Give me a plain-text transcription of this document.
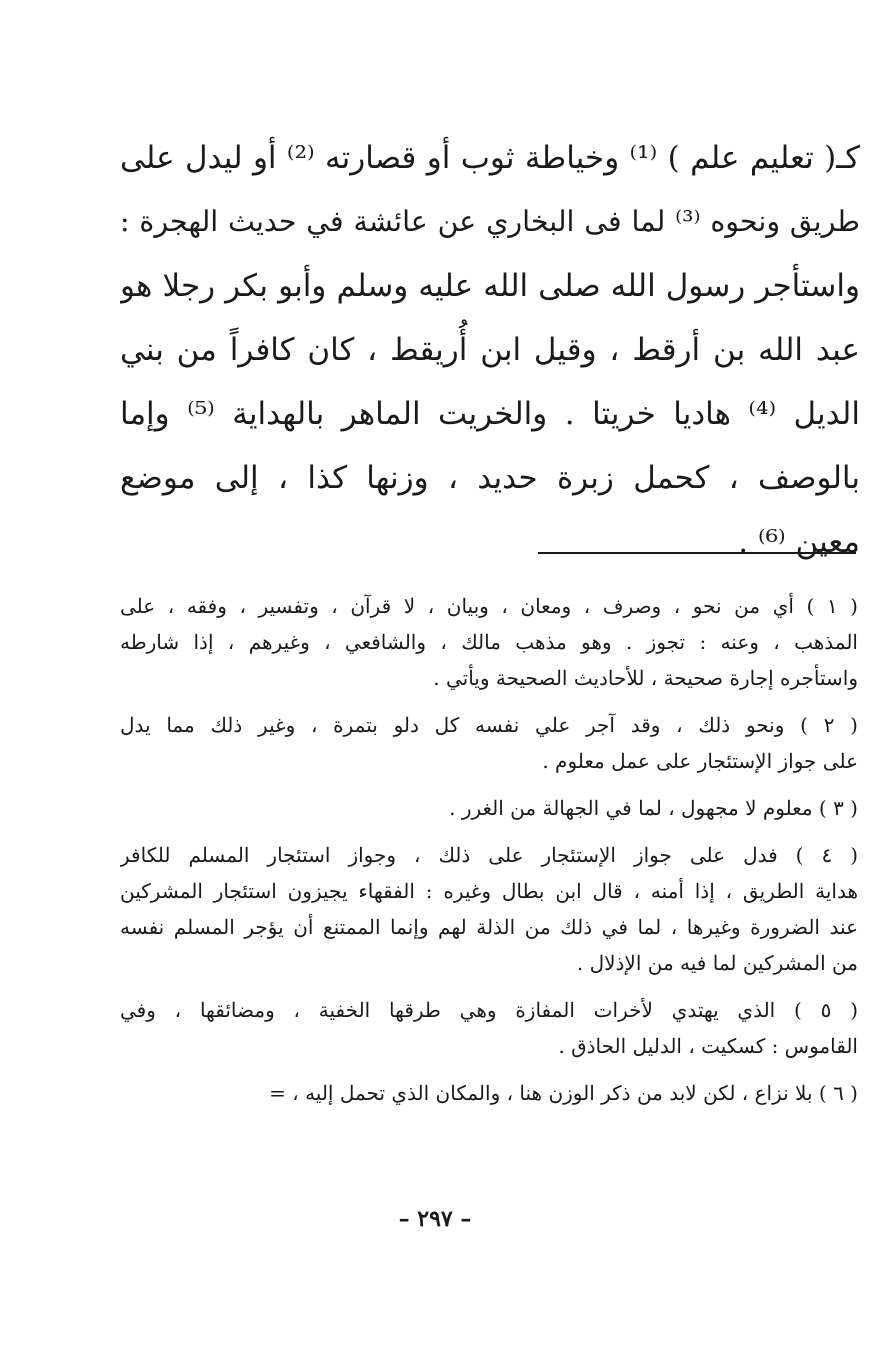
كـ( تعليم علم ) ⁽¹⁾ وخياطة ثوب أو قصارته ⁽²⁾ أو ليدل على
طريق ونحوه ⁽³⁾ لما فى البخاري عن عائشة في حديث الهجرة :
واستأجر رسول الله صلى الله عليه وسلم وأبو بكر رجلا هو
عبد الله بن أرقط ، وقيل ابن أُريقط ، كان كافراً من بني
الديل ⁽⁴⁾ هاديا خريتا . والخريت الماهر بالهداية ⁽⁵⁾ وإما
بالوصف ، كحمل زبرة حديد ، وزنها كذا ، إلى موضع
معين ⁽⁶⁾ .
( ١ ) أي من نحو ، وصرف ، ومعان ، وبيان ، لا قرآن ، وتفسير ، وفقه ، على
المذهب ، وعنه : تجوز . وهو مذهب مالك ، والشافعي ، وغيرهم ، إذا شارطه
واستأجره إجارة صحيحة ، للأحاديث الصحيحة ويأتي .
( ٢ ) ونحو ذلك ، وقد آجر علي نفسه كل دلو بتمرة ، وغير ذلك مما يدل
على جواز الإستئجار على عمل معلوم .
( ٣ ) معلوم لا مجهول ، لما في الجهالة من الغرر .
( ٤ ) فدل على جواز الإستئجار على ذلك ، وجواز استئجار المسلم للكافر
هداية الطريق ، إذا أمنه ، قال ابن بطال وغيره : الفقهاء يجيزون استئجار المشركين
عند الضرورة وغيرها ، لما في ذلك من الذلة لهم وإنما الممتنع أن يؤجر المسلم نفسه
من المشركين لما فيه من الإذلال .
( ٥ ) الذي يهتدي لأخرات المفازة وهي طرقها الخفية ، ومضائقها ، وفي
القاموس : كسكيت ، الدليل الحاذق .
( ٦ ) بلا نزاع ، لكن لابد من ذكر الوزن هنا ، والمكان الذي تحمل إليه ، =
– ٢٩٧ –
